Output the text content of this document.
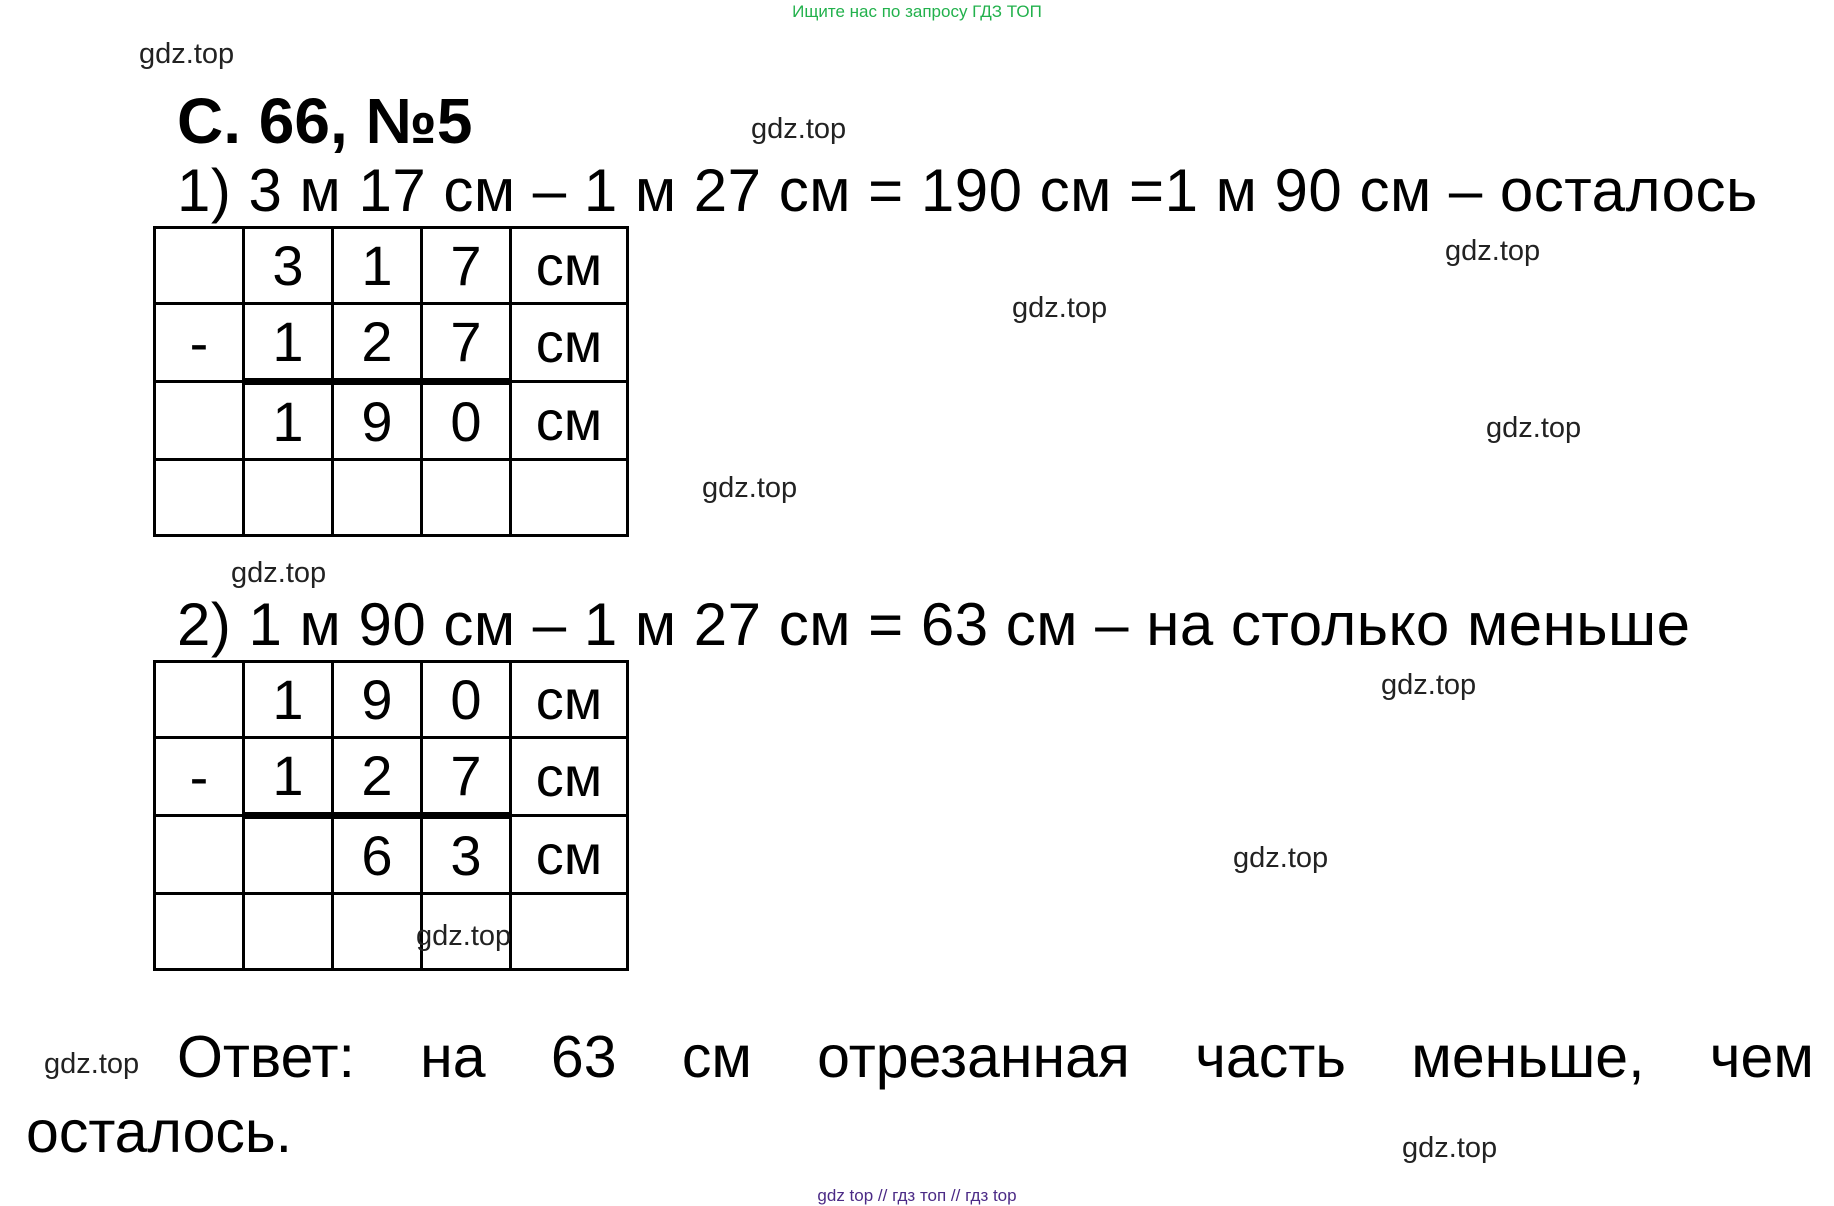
Ищите нас по запросу ГДЗ ТОП
gdz.top
gdz.top
gdz.top
gdz.top
gdz.top
gdz.top
gdz.top
gdz.top
gdz.top
gdz.top
gdz.top
С. 66, №5
1) 3 м 17 см – 1 м 27 см = 190 см =1 м 90 см – осталось
	3	1	7	см
-	1	2	7	см
	1	9	0	см

2) 1 м 90 см – 1 м 27 см = 63 см – на столько меньше
	1	9	0	см
-	1	2	7	см
		6	3	см

gdz.top
Ответ: на 63 см отрезанная часть меньше, чем
осталось.
gdz top // гдз топ // гдз top
